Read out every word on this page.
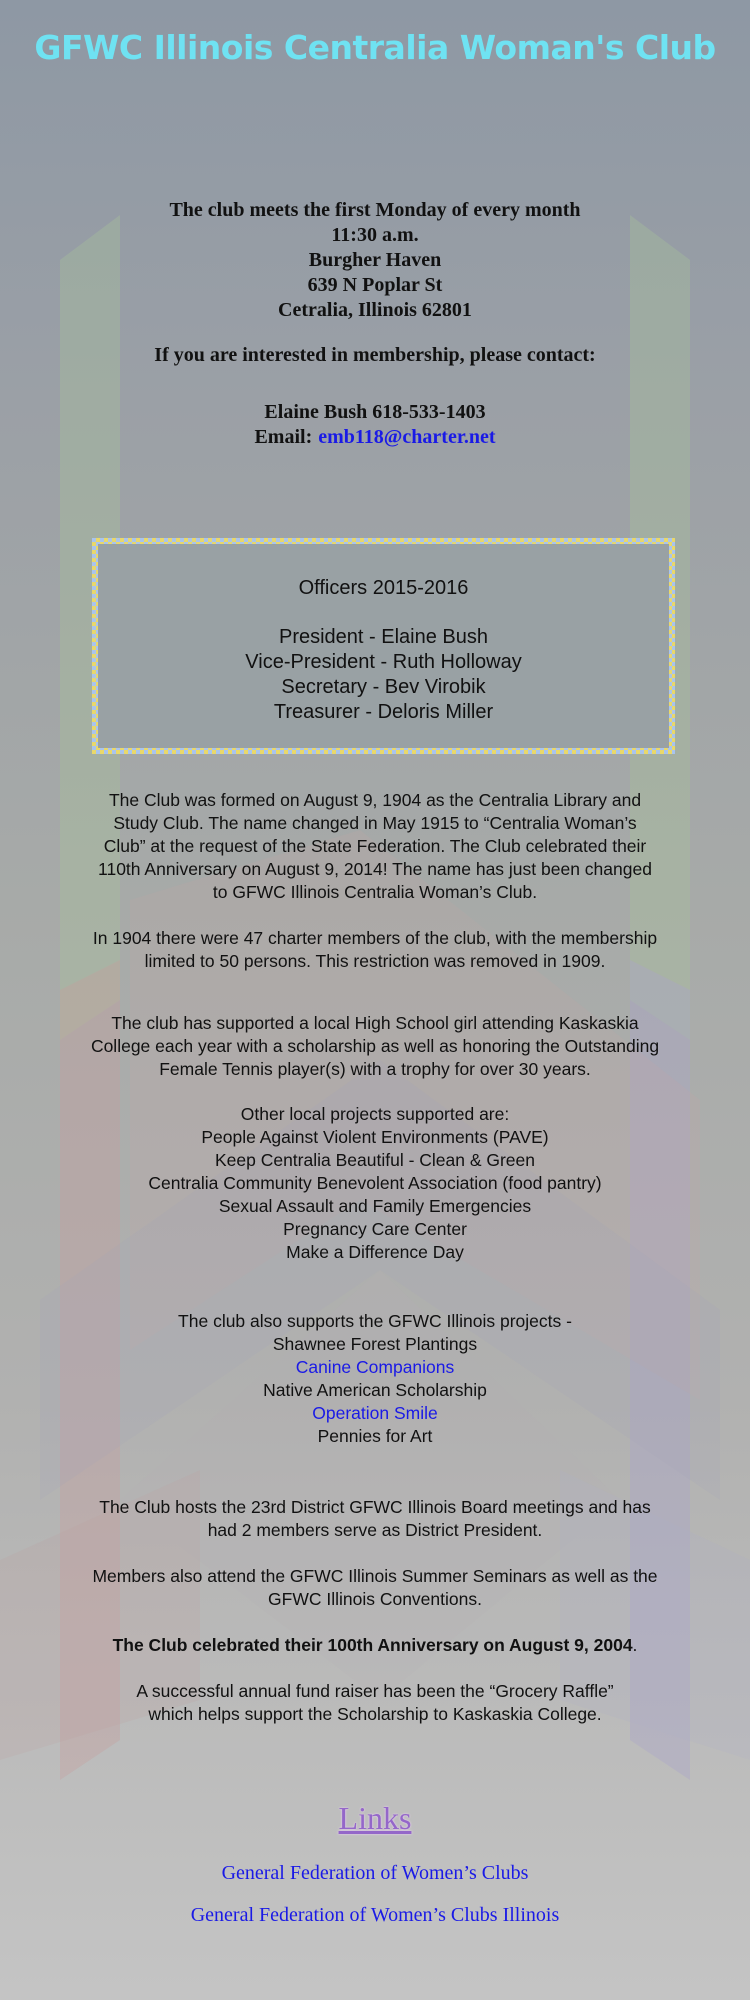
GFWC Illinois Centralia Woman's Club
The club meets the first Monday of every month
11:30 a.m.
Burgher Haven
639 N Poplar St
Cetralia, Illinois 62801
If you are interested in membership, please contact:
Elaine Bush 618-533-1403
Email: emb118@charter.net
Officers 2015-2016
President - Elaine Bush
Vice-President - Ruth Holloway
Secretary - Bev Virobik
Treasurer - Deloris Miller

The Club was formed on August 9, 1904 as the Centralia Library and

Study Club. The name changed in May 1915 to “Centralia Woman’s

Club” at the request of the State Federation. The Club celebrated their

110th Anniversary on August 9, 2014! The name has just been changed

to GFWC Illinois Centralia Woman’s Club.

In 1904 there were 47 charter members of the club, with the membership

limited to 50 persons. This restriction was removed in 1909.

The club has supported a local High School girl attending Kaskaskia

College each year with a scholarship as well as honoring the Outstanding

Female Tennis player(s) with a trophy for over 30 years.

Other local projects supported are:

People Against Violent Environments (PAVE)

Keep Centralia Beautiful - Clean & Green

Centralia Community Benevolent Association (food pantry)

Sexual Assault and Family Emergencies

Pregnancy Care Center

Make a Difference Day

The club also supports the GFWC Illinois projects -

Shawnee Forest Plantings

Canine Companions

Native American Scholarship

Operation Smile

Pennies for Art

The Club hosts the 23rd District GFWC Illinois Board meetings and has

had 2 members serve as District President.

Members also attend the GFWC Illinois Summer Seminars as well as the

GFWC Illinois Conventions.

The Club celebrated their 100th Anniversary on August 9, 2004.

A successful annual fund raiser has been the “Grocery Raffle”

which helps support the Scholarship to Kaskaskia College.

Links
General Federation of Women’s Clubs
General Federation of Women’s Clubs Illinois
